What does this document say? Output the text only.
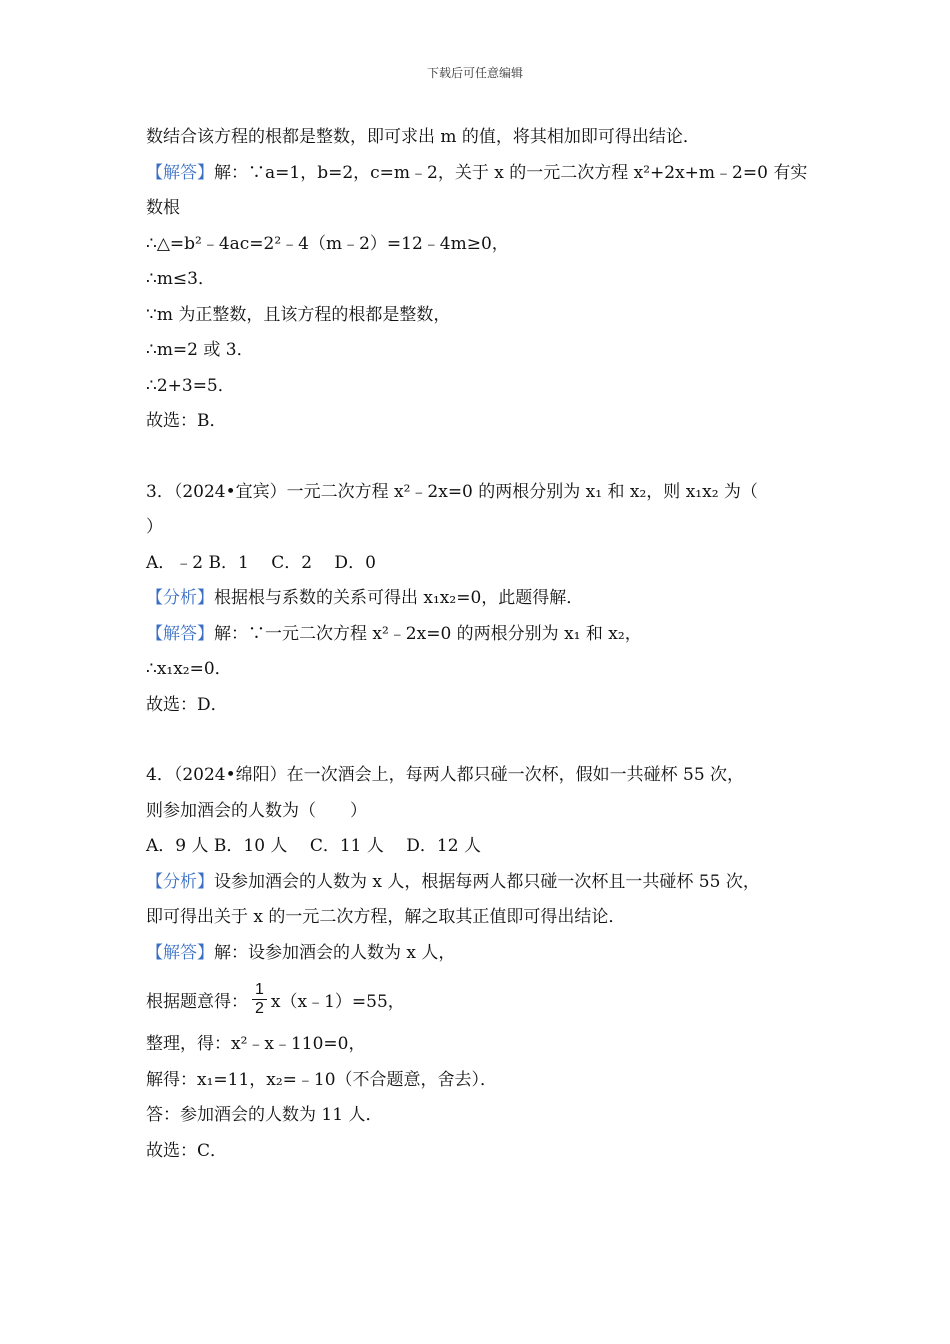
下载后可任意编辑
数结合该方程的根都是整数，即可求出 m 的值，将其相加即可得出结论．
【解答】解：∵a=1，b=2，c=m﹣2，关于 x 的一元二次方程 x²+2x+m﹣2=0 有实
数根
∴△=b²﹣4ac=2²﹣4（m﹣2）=12﹣4m≥0，
∴m≤3．
∵m 为正整数，且该方程的根都是整数，
∴m=2 或 3．
∴2+3=5．
故选：B．
3．（2024•宜宾）一元二次方程 x²﹣2x=0 的两根分别为 x₁ 和 x₂，则 x₁x₂ 为（
）
A．﹣2 B．1　 C．2　 D．0
【分析】根据根与系数的关系可得出 x₁x₂=0，此题得解．
【解答】解：∵一元二次方程 x²﹣2x=0 的两根分别为 x₁ 和 x₂，
∴x₁x₂=0．
故选：D．
4．（2024•绵阳）在一次酒会上，每两人都只碰一次杯，假如一共碰杯 55 次，
则参加酒会的人数为（　　）
A．9 人 B．10 人　 C．11 人　 D．12 人
【分析】设参加酒会的人数为 x 人，根据每两人都只碰一次杯且一共碰杯 55 次，
即可得出关于 x 的一元二次方程，解之取其正值即可得出结论．
【解答】解：设参加酒会的人数为 x 人，
根据题意得： $\frac{1}{2}$ x（x﹣1）=55，
整理，得：x²﹣x﹣110=0，
解得：x₁=11，x₂=﹣10（不合题意，舍去）．
答：参加酒会的人数为 11 人．
故选：C．
